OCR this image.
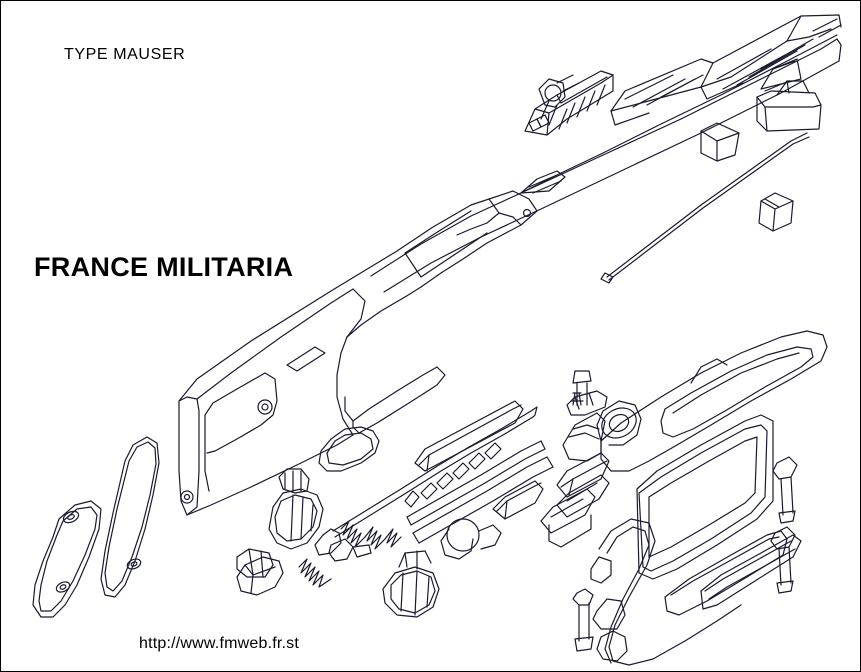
TYPE MAUSER
FRANCE MILITARIA
http://www.fmweb.fr.st
